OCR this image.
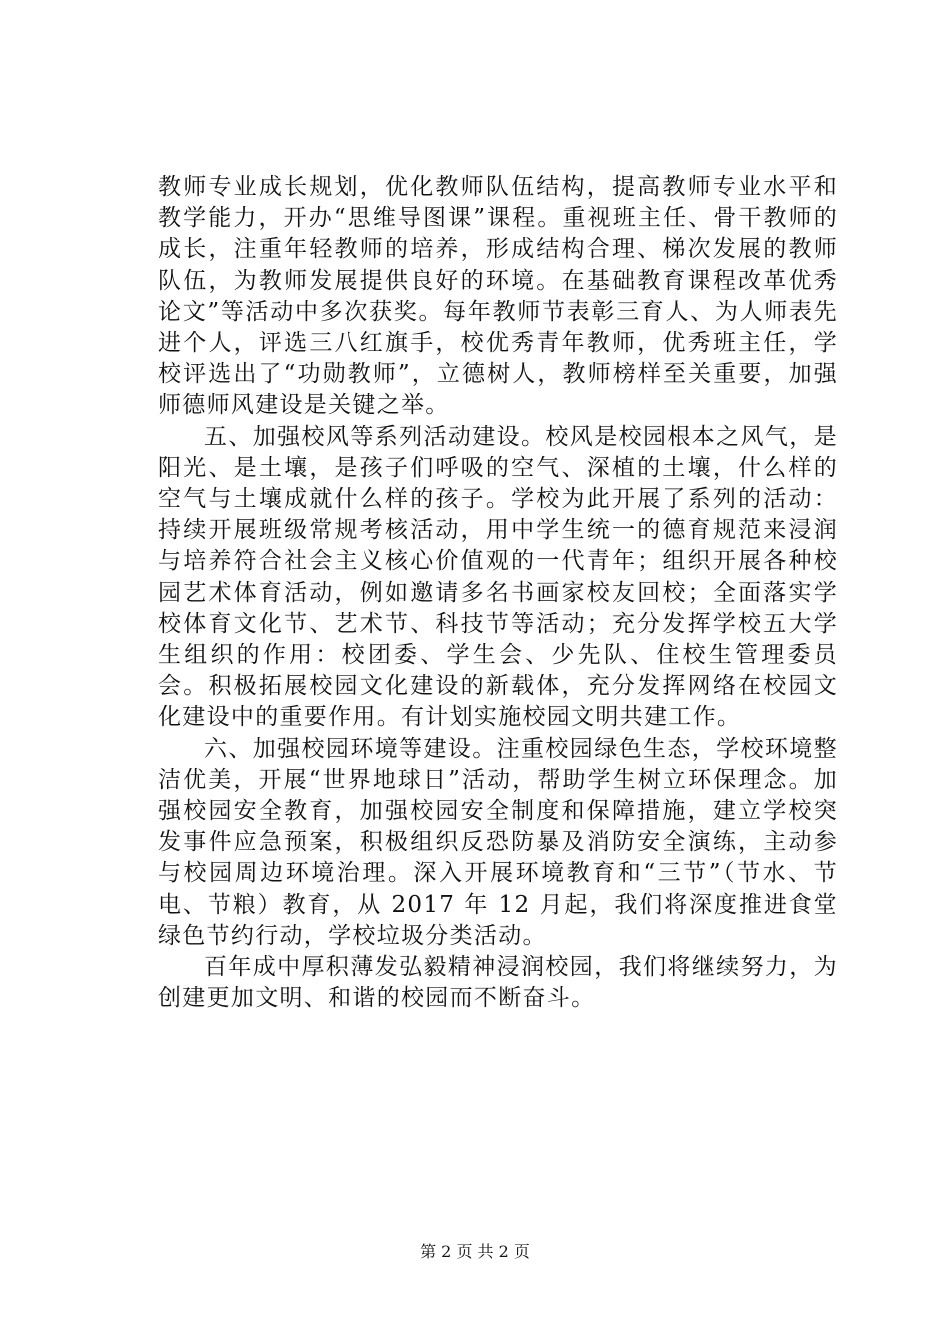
教师专业成长规划，优化教师队伍结构，提高教师专业水平和教学能力，开办“思维导图课”课程。重视班主任、骨干教师的成长，注重年轻教师的培养，形成结构合理、梯次发展的教师队伍，为教师发展提供良好的环境。在基础教育课程改革优秀论文”等活动中多次获奖。每年教师节表彰三育人、为人师表先进个人，评选三八红旗手，校优秀青年教师，优秀班主任，学校评选出了“功勋教师”，立德树人，教师榜样至关重要，加强师德师风建设是关键之举。

五、加强校风等系列活动建设。校风是校园根本之风气，是阳光、是土壤，是孩子们呼吸的空气、深植的土壤，什么样的空气与土壤成就什么样的孩子。学校为此开展了系列的活动：持续开展班级常规考核活动，用中学生统一的德育规范来浸润与培养符合社会主义核心价值观的一代青年；组织开展各种校园艺术体育活动，例如邀请多名书画家校友回校；全面落实学校体育文化节、艺术节、科技节等活动；充分发挥学校五大学生组织的作用：校团委、学生会、少先队、住校生管理委员会。积极拓展校园文化建设的新载体，充分发挥网络在校园文化建设中的重要作用。有计划实施校园文明共建工作。

六、加强校园环境等建设。注重校园绿色生态，学校环境整洁优美，开展“世界地球日”活动，帮助学生树立环保理念。加强校园安全教育，加强校园安全制度和保障措施，建立学校突发事件应急预案，积极组织反恐防暴及消防安全演练，主动参与校园周边环境治理。深入开展环境教育和“三节”（节水、节电、节粮）教育，从 2017 年 12 月起，我们将深度推进食堂绿色节约行动，学校垃圾分类活动。

百年成中厚积薄发弘毅精神浸润校园，我们将继续努力，为创建更加文明、和谐的校园而不断奋斗。

第 2 页 共 2 页
